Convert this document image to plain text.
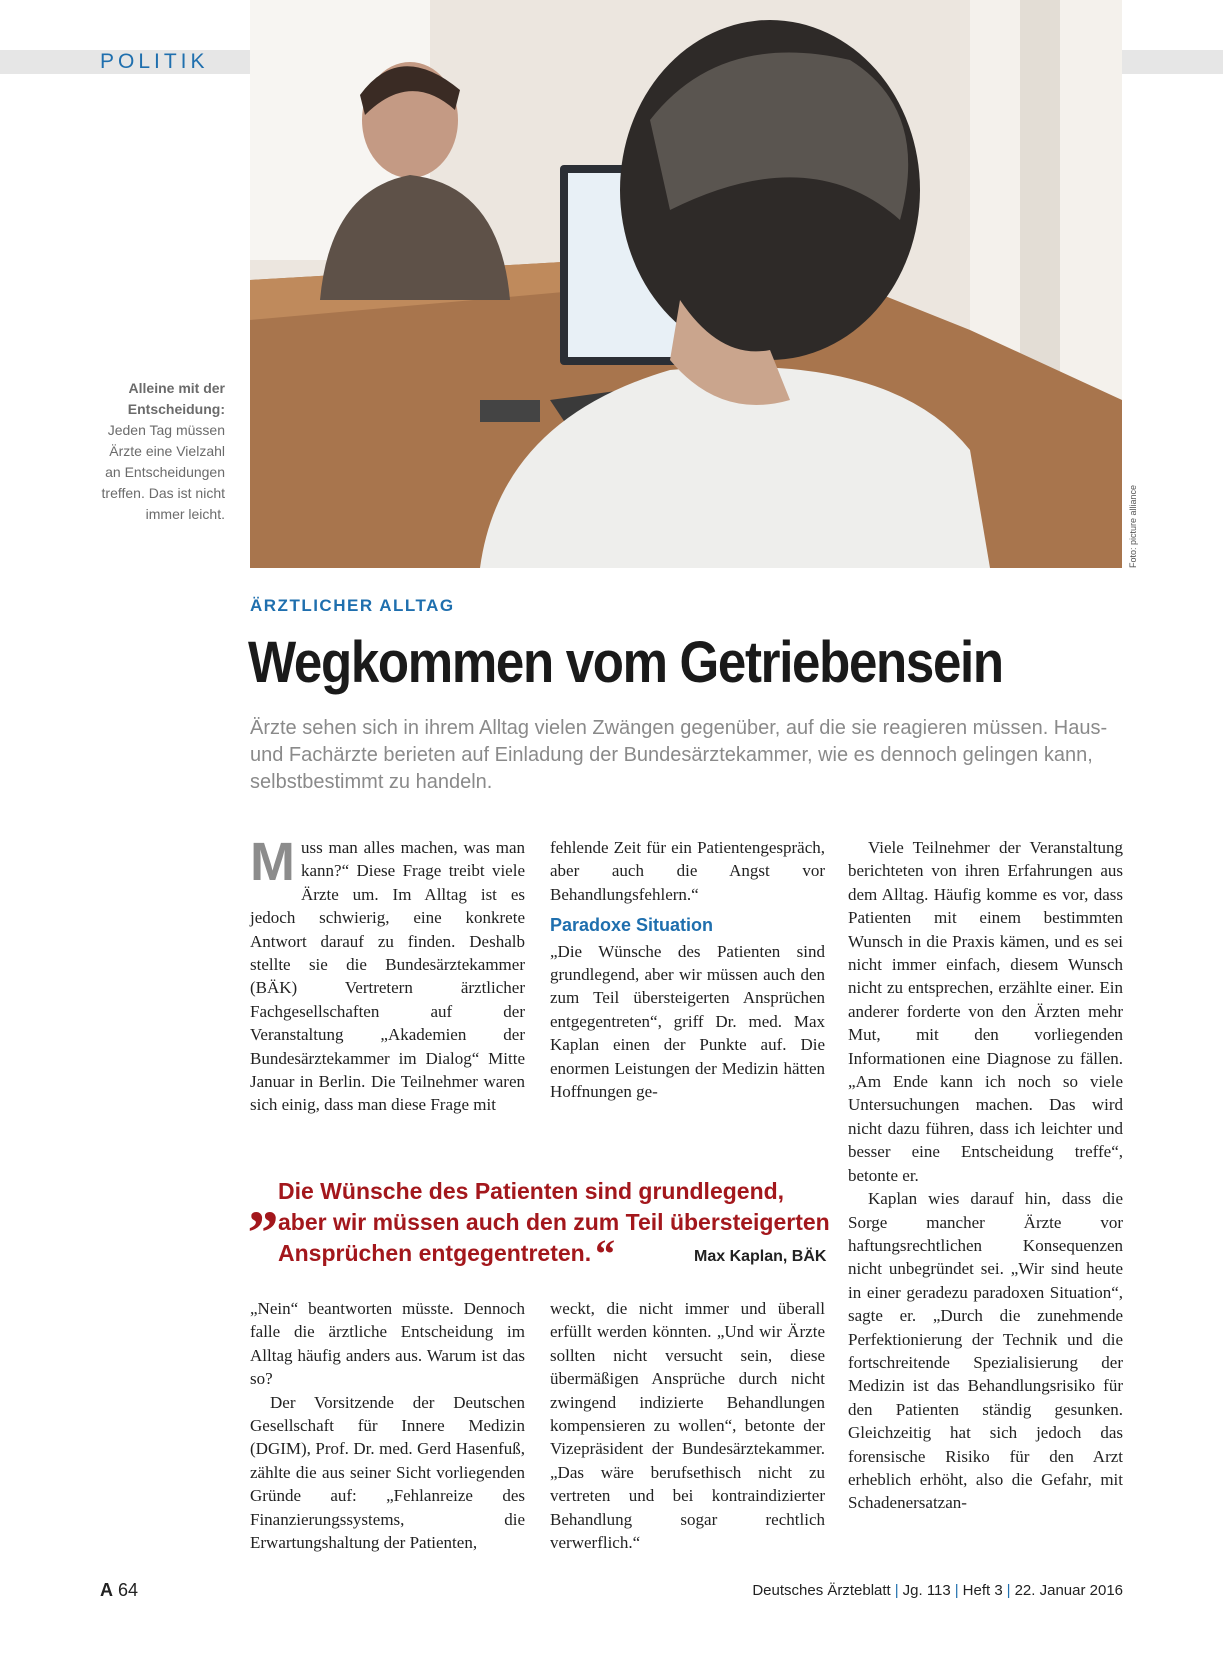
POLITIK
Foto: picture alliance
Alleine mit der Entscheidung:
Jeden Tag müssen Ärzte eine Vielzahl an Entscheidungen treffen. Das ist nicht immer leicht.
ÄRZTLICHER ALLTAG
Wegkommen vom Getriebensein
Ärzte sehen sich in ihrem Alltag vielen Zwängen gegenüber, auf die sie reagieren müssen. Haus- und Fachärzte berieten auf Einladung der Bundesärztekammer, wie es dennoch gelingen kann, selbstbestimmt zu handeln.

Muss man alles machen, was man kann?“ Diese Frage treibt viele Ärzte um. Im Alltag ist es jedoch schwierig, eine konkrete Antwort darauf zu finden. Deshalb stellte sie die Bundesärztekammer (BÄK) Vertretern ärztlicher Fachgesellschaften auf der Veranstaltung „Akademien der Bundesärztekammer im Dialog“ Mitte Januar in Berlin. Die Teilnehmer waren sich einig, dass man diese Frage mit

fehlende Zeit für ein Patientengespräch, aber auch die Angst vor Behandlungsfehlern.“

Paradoxe Situation

„Die Wünsche des Patienten sind grundlegend, aber wir müssen auch den zum Teil übersteigerten Ansprüchen entgegentreten“, griff Dr. med. Max Kaplan einen der Punkte auf. Die enormen Leistungen der Medizin hätten Hoffnungen ge-

Viele Teilnehmer der Veranstaltung berichteten von ihren Erfahrungen aus dem Alltag. Häufig komme es vor, dass Patienten mit einem bestimmten Wunsch in die Praxis kämen, und es sei nicht immer einfach, diesem Wunsch nicht zu entsprechen, erzählte einer. Ein anderer forderte von den Ärzten mehr Mut, mit den vorliegenden Informationen eine Diagnose zu fällen. „Am Ende kann ich noch so viele Untersuchungen machen. Das wird nicht dazu führen, dass ich leichter und besser eine Entscheidung treffe“, betonte er.

Kaplan wies darauf hin, dass die Sorge mancher Ärzte vor haftungsrechtlichen Konsequenzen nicht unbegründet sei. „Wir sind heute in einer geradezu paradoxen Situation“, sagte er. „Durch die zunehmende Perfektionierung der Technik und die fortschreitende Spezialisierung der Medizin ist das Behandlungsrisiko für den Patienten ständig gesunken. Gleichzeitig hat sich jedoch das forensische Risiko für den Arzt erheblich erhöht, also die Gefahr, mit Schadenersatzan-

„ Die Wünsche des Patienten sind grundlegend, aber wir müssen auch den zum Teil übersteigerten Ansprüchen entgegentreten. “	Max Kaplan, BÄK

„Nein“ beantworten müsste. Dennoch falle die ärztliche Entscheidung im Alltag häufig anders aus. Warum ist das so?

Der Vorsitzende der Deutschen Gesellschaft für Innere Medizin (DGIM), Prof. Dr. med. Gerd Hasenfuß, zählte die aus seiner Sicht vorliegenden Gründe auf: „Fehlanreize des Finanzierungssystems, die Erwartungshaltung der Patienten,

weckt, die nicht immer und überall erfüllt werden könnten. „Und wir Ärzte sollten nicht versucht sein, diese übermäßigen Ansprüche durch nicht zwingend indizierte Behandlungen kompensieren zu wollen“, betonte der Vizepräsident der Bundesärztekammer. „Das wäre berufsethisch nicht zu vertreten und bei kontraindizierter Behandlung sogar rechtlich verwerflich.“

A 64	Deutsches Ärzteblatt | Jg. 113 | Heft 3 | 22. Januar 2016
